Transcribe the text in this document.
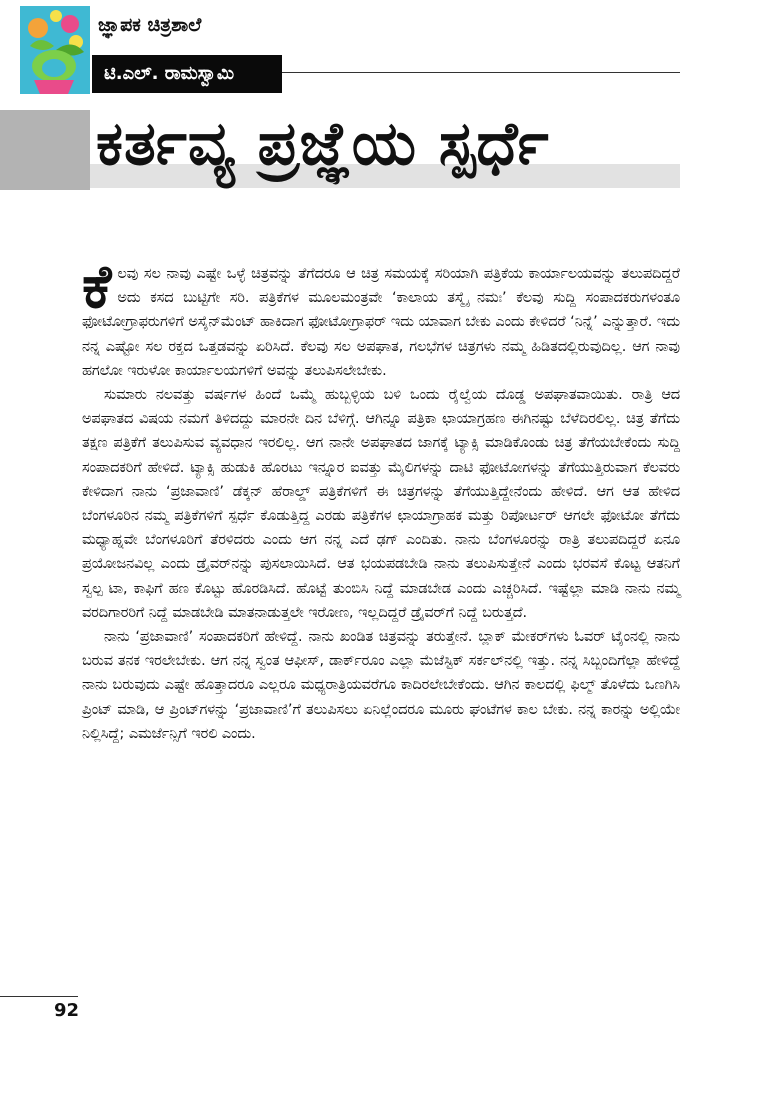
ಜ್ಞಾಪಕ ಚಿತ್ರಶಾಲೆ
ಟಿ.ಎಲ್. ರಾಮಸ್ವಾಮಿ
ಕರ್ತವ್ಯ ಪ್ರಜ್ಞೆಯ ಸ್ಪರ್ಧೆ

ಕೆಲವು ಸಲ ನಾವು ಎಷ್ಟೇ ಒಳ್ಳೆ ಚಿತ್ರವನ್ನು ತೆಗೆದರೂ ಆ ಚಿತ್ರ ಸಮಯಕ್ಕೆ ಸರಿಯಾಗಿ ಪತ್ರಿಕೆಯ ಕಾರ್ಯಾಲಯವನ್ನು ತಲುಪದಿದ್ದರೆ ಅದು ಕಸದ ಬುಟ್ಟಿಗೇ ಸರಿ. ಪತ್ರಿಕೆಗಳ ಮೂಲಮಂತ್ರವೇ ‘ಕಾಲಾಯ ತಸ್ಮೈ ನಮಃ’ ಕೆಲವು ಸುದ್ದಿ ಸಂಪಾದಕರುಗಳಂತೂ ಫೋಟೋಗ್ರಾಫರುಗಳಿಗೆ ಅಸೈನ್‌ಮೆಂಟ್ ಹಾಕಿದಾಗ ಫೋಟೋಗ್ರಾಫರ್ ಇದು ಯಾವಾಗ ಬೇಕು ಎಂದು ಕೇಳಿದರೆ ‘ನಿನ್ನೆ’ ಎನ್ನುತ್ತಾರೆ. ಇದು ನನ್ನ ಎಷ್ಟೋ ಸಲ ರಕ್ತದ ಒತ್ತಡವನ್ನು ಏರಿಸಿದೆ. ಕೆಲವು ಸಲ ಅಪಘಾತ, ಗಲಭೆಗಳ ಚಿತ್ರಗಳು ನಮ್ಮ ಹಿಡಿತದಲ್ಲಿರುವುದಿಲ್ಲ. ಆಗ ನಾವು ಹಗಲೋ ಇರುಳೋ ಕಾರ್ಯಾಲಯಗಳಿಗೆ ಅವನ್ನು ತಲುಪಿಸಲೇಬೇಕು.

ಸುಮಾರು ನಲವತ್ತು ವರ್ಷಗಳ ಹಿಂದೆ ಒಮ್ಮೆ ಹುಬ್ಬಳ್ಳಿಯ ಬಳಿ ಒಂದು ರೈಲ್ವೆಯ ದೊಡ್ಡ ಅಪಘಾತವಾಯಿತು. ರಾತ್ರಿ ಆದ ಅಪಘಾತದ ವಿಷಯ ನಮಗೆ ತಿಳಿದದ್ದು ಮಾರನೇ ದಿನ ಬೆಳಿಗ್ಗೆ. ಆಗಿನ್ನೂ ಪತ್ರಿಕಾ ಛಾಯಾಗ್ರಹಣ ಈಗಿನಷ್ಟು ಬೆಳೆದಿರಲಿಲ್ಲ. ಚಿತ್ರ ತೆಗೆದು ತಕ್ಷಣ ಪತ್ರಿಕೆಗೆ ತಲುಪಿಸುವ ವ್ಯವಧಾನ ಇರಲಿಲ್ಲ. ಆಗ ನಾನೇ ಅಪಘಾತದ ಜಾಗಕ್ಕೆ ಟ್ಯಾಕ್ಸಿ ಮಾಡಿಕೊಂಡು ಚಿತ್ರ ತೆಗೆಯಬೇಕೆಂದು ಸುದ್ದಿ ಸಂಪಾದಕರಿಗೆ ಹೇಳಿದೆ. ಟ್ಯಾಕ್ಸಿ ಹುಡುಕಿ ಹೊರಟು ಇನ್ನೂರ ಐವತ್ತು ಮೈಲಿಗಳನ್ನು ದಾಟಿ ಫೋಟೋಗಳನ್ನು ತೆಗೆಯುತ್ತಿರುವಾಗ ಕೆಲವರು ಕೇಳಿದಾಗ ನಾನು ‘ಪ್ರಜಾವಾಣಿ’ ಡೆಕ್ಕನ್ ಹೆರಾಲ್ಡ್ ಪತ್ರಿಕೆಗಳಿಗೆ ಈ ಚಿತ್ರಗಳನ್ನು ತೆಗೆಯುತ್ತಿದ್ದೇನೆಂದು ಹೇಳಿದೆ. ಆಗ ಆತ ಹೇಳಿದ ಬೆಂಗಳೂರಿನ ನಮ್ಮ ಪತ್ರಿಕೆಗಳಿಗೆ ಸ್ಪರ್ಧೆ ಕೊಡುತ್ತಿದ್ದ ಎರಡು ಪತ್ರಿಕೆಗಳ ಛಾಯಾಗ್ರಾಹಕ ಮತ್ತು ರಿಪೋರ್ಟರ್ ಆಗಲೇ ಫೋಟೋ ತೆಗೆದು ಮಧ್ಯಾಹ್ನವೇ ಬೆಂಗಳೂರಿಗೆ ತೆರಳಿದರು ಎಂದು ಆಗ ನನ್ನ ಎದೆ ಢಗ್ ಎಂದಿತು. ನಾನು ಬೆಂಗಳೂರನ್ನು ರಾತ್ರಿ ತಲುಪದಿದ್ದರೆ ಏನೂ ಪ್ರಯೋಜನವಿಲ್ಲ ಎಂದು ಡ್ರೈವರ್‌ನನ್ನು ಪುಸಲಾಯಿಸಿದೆ. ಆತ ಭಯಪಡಬೇಡಿ ನಾನು ತಲುಪಿಸುತ್ತೇನೆ ಎಂದು ಭರವಸೆ ಕೊಟ್ಟ ಆತನಿಗೆ ಸ್ವಲ್ಪ ಟಾ, ಕಾಫಿಗೆ ಹಣ ಕೊಟ್ಟು ಹೊರಡಿಸಿದೆ. ಹೊಟ್ಟೆ ತುಂಬಿಸಿ ನಿದ್ದೆ ಮಾಡಬೇಡ ಎಂದು ಎಚ್ಚರಿಸಿದೆ. ಇಷ್ಟೆಲ್ಲಾ ಮಾಡಿ ನಾನು ನಮ್ಮ ವರದಿಗಾರರಿಗೆ ನಿದ್ದೆ ಮಾಡಬೇಡಿ ಮಾತನಾಡುತ್ತಲೇ ಇರೋಣ, ಇಲ್ಲದಿದ್ದರೆ ಡ್ರೈವರ್‌ಗೆ ನಿದ್ದೆ ಬರುತ್ತದೆ.

ನಾನು ‘ಪ್ರಜಾವಾಣಿ’ ಸಂಪಾದಕರಿಗೆ ಹೇಳಿದ್ದೆ. ನಾನು ಖಂಡಿತ ಚಿತ್ರವನ್ನು ತರುತ್ತೇನೆ. ಬ್ಲಾಕ್ ಮೇಕರ್‌ಗಳು ಓವರ್ ಟೈಂನಲ್ಲಿ ನಾನು ಬರುವ ತನಕ ಇರಲೇಬೇಕು. ಆಗ ನನ್ನ ಸ್ವಂತ ಆಫೀಸ್, ಡಾರ್ಕ್‌ರೂಂ ಎಲ್ಲಾ ಮೆಜೆಸ್ಟಿಕ್ ಸರ್ಕಲ್‌ನಲ್ಲಿ ಇತ್ತು. ನನ್ನ ಸಿಬ್ಬಂದಿಗೆಲ್ಲಾ ಹೇಳಿದ್ದೆ ನಾನು ಬರುವುದು ಎಷ್ಟೇ ಹೊತ್ತಾದರೂ ಎಲ್ಲರೂ ಮಧ್ಯರಾತ್ರಿಯವರೆಗೂ ಕಾದಿರಲೇಬೇಕೆಂದು. ಆಗಿನ ಕಾಲದಲ್ಲಿ ಫಿಲ್ಮ್ ತೊಳೆದು ಒಣಗಿಸಿ ಪ್ರಿಂಟ್ ಮಾಡಿ, ಆ ಪ್ರಿಂಟ್‌ಗಳನ್ನು ‘ಪ್ರಜಾವಾಣಿ’ಗೆ ತಲುಪಿಸಲು ಏನಿಲ್ಲೆಂದರೂ ಮೂರು ಘಂಟೆಗಳ ಕಾಲ ಬೇಕು. ನನ್ನ ಕಾರನ್ನು ಅಲ್ಲಿಯೇ ನಿಲ್ಲಿಸಿದ್ದೆ; ಎಮರ್ಜೆನ್ಸಿಗೆ ಇರಲಿ ಎಂದು.

92
